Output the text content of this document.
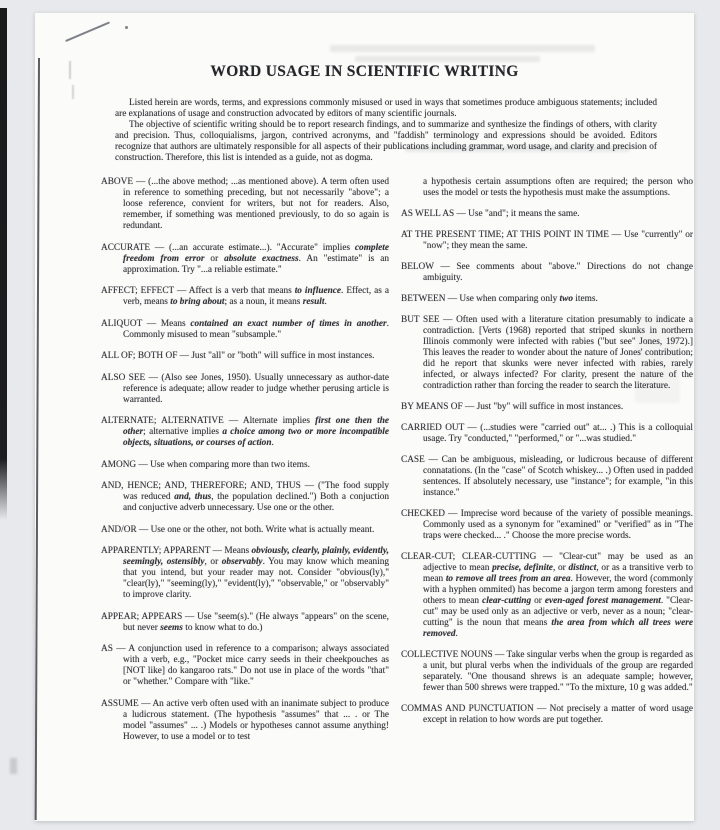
WORD USAGE IN SCIENTIFIC WRITING

Listed herein are words, terms, and expressions commonly misused or used in ways that sometimes produce ambiguous statements; included are explanations of usage and construction advocated by editors of many scientific journals.

The objective of scientific writing should be to report research findings, and to summarize and synthesize the findings of others, with clarity and precision. Thus, colloquialisms, jargon, contrived acronyms, and "faddish" terminology and expressions should be avoided. Editors recognize that authors are ultimately responsible for all aspects of their publications including grammar, word usage, and clarity and precision of construction. Therefore, this list is intended as a guide, not as dogma.

ABOVE — (...the above method; ...as mentioned above). A term often used in reference to something preceding, but not necessarily "above"; a loose reference, convient for writers, but not for readers. Also, remember, if something was mentioned previously, to do so again is redundant.

ACCURATE — (...an accurate estimate...). "Accurate" implies complete freedom from error or absolute exactness. An "estimate" is an approximation. Try "...a reliable estimate."

AFFECT; EFFECT — Affect is a verb that means to influence. Effect, as a verb, means to bring about; as a noun, it means result.

ALIQUOT — Means contained an exact number of times in another. Commonly misused to mean "subsample."

ALL OF; BOTH OF — Just "all" or "both" will suffice in most instances.

ALSO SEE — (Also see Jones, 1950). Usually unnecessary as author-date reference is adequate; allow reader to judge whether perusing article is warranted.

ALTERNATE; ALTERNATIVE — Alternate implies first one then the other; alternative implies a choice among two or more incompatible objects, situations, or courses of action.

AMONG — Use when comparing more than two items.

AND, HENCE; AND, THEREFORE; AND, THUS — ("The food supply was reduced and, thus, the population declined.") Both a conjuction and conjuctive adverb unnecessary. Use one or the other.

AND/OR — Use one or the other, not both. Write what is actually meant.

APPARENTLY; APPARENT — Means obviously, clearly, plainly, evidently, seemingly, ostensibly, or observably. You may know which meaning that you intend, but your reader may not. Consider "obvious(ly)," "clear(ly)," "seeming(ly)," "evident(ly)," "observable," or "observably" to improve clarity.

APPEAR; APPEARS — Use "seem(s)." (He always "appears" on the scene, but never seems to know what to do.)

AS — A conjunction used in reference to a comparison; always associated with a verb, e.g., "Pocket mice carry seeds in their cheekpouches as [NOT like] do kangaroo rats." Do not use in place of the words "that" or "whether." Compare with "like."

ASSUME — An active verb often used with an inanimate subject to produce a ludicrous statement. (The hypothesis "assumes" that ... . or The model "assumes" ... .) Models or hypotheses cannot assume anything! However, to use a model or to test

a hypothesis certain assumptions often are required; the person who uses the model or tests the hypothesis must make the assumptions.

AS WELL AS — Use "and"; it means the same.

AT THE PRESENT TIME; AT THIS POINT IN TIME — Use "currently" or "now"; they mean the same.

BELOW — See comments about "above." Directions do not change ambiguity.

BETWEEN — Use when comparing only two items.

BUT SEE — Often used with a literature citation presumably to indicate a contradiction. [Verts (1968) reported that striped skunks in northern Illinois commonly were infected with rabies ("but see" Jones, 1972).] This leaves the reader to wonder about the nature of Jones' contribution; did he report that skunks were never infected with rabies, rarely infected, or always infected? For clarity, present the nature of the contradiction rather than forcing the reader to search the literature.

BY MEANS OF — Just "by" will suffice in most instances.

CARRIED OUT — (...studies were "carried out" at... .) This is a colloquial usage. Try "conducted," "performed," or "...was studied."

CASE — Can be ambiguous, misleading, or ludicrous because of different connatations. (In the "case" of Scotch whiskey... .) Often used in padded sentences. If absolutely necessary, use "instance"; for example, "in this instance."

CHECKED — Imprecise word because of the variety of possible meanings. Commonly used as a synonym for "examined" or "verified" as in "The traps were checked... ." Choose the more precise words.

CLEAR-CUT; CLEAR-CUTTING — "Clear-cut" may be used as an adjective to mean precise, definite, or distinct, or as a transitive verb to mean to remove all trees from an area. However, the word (commonly with a hyphen ommited) has become a jargon term among foresters and others to mean clear-cutting or even-aged forest management. "Clear-cut" may be used only as an adjective or verb, never as a noun; "clear-cutting" is the noun that means the area from which all trees were removed.

COLLECTIVE NOUNS — Take singular verbs when the group is regarded as a unit, but plural verbs when the individuals of the group are regarded separately. "One thousand shrews is an adequate sample; however, fewer than 500 shrews were trapped." "To the mixture, 10 g was added."

COMMAS AND PUNCTUATION — Not precisely a matter of word usage except in relation to how words are put together.
